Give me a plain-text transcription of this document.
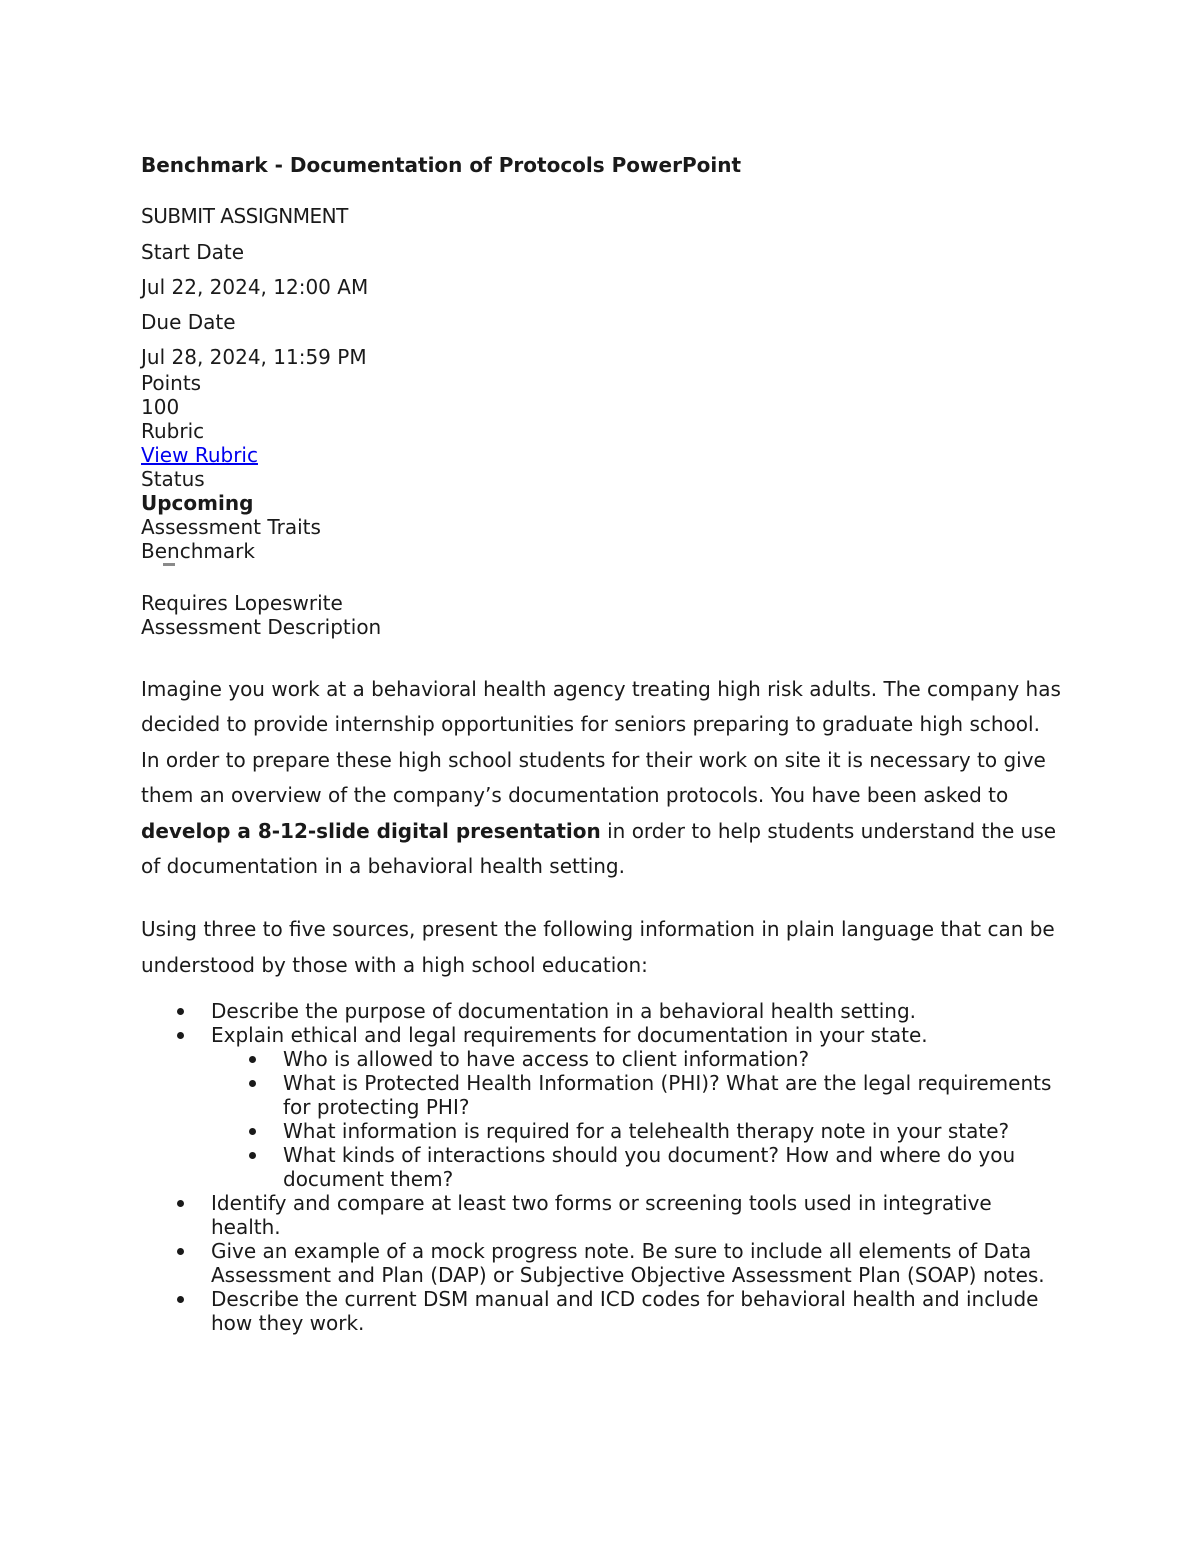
Benchmark - Documentation of Protocols PowerPoint
SUBMIT ASSIGNMENT
Start Date
Jul 22, 2024, 12:00 AM
Due Date
Jul 28, 2024, 11:59 PM
Points
100
Rubric
View Rubric
Status
Upcoming
Assessment Traits
Benchmark
Requires Lopeswrite
Assessment Description

Imagine you work at a behavioral health agency treating high risk adults. The company has decided to provide internship opportunities for seniors preparing to graduate high school. In order to prepare these high school students for their work on site it is necessary to give them an overview of the company’s documentation protocols. You have been asked to develop a 8-12-slide digital presentation in order to help students understand the use of documentation in a behavioral health setting.

Using three to five sources, present the following information in plain language that can be understood by those with a high school education:

Describe the purpose of documentation in a behavioral health setting.
Explain ethical and legal requirements for documentation in your state.
Who is allowed to have access to client information?
What is Protected Health Information (PHI)? What are the legal requirements for protecting PHI?
What information is required for a telehealth therapy note in your state?
What kinds of interactions should you document? How and where do you document them?
Identify and compare at least two forms or screening tools used in integrative health.
Give an example of a mock progress note. Be sure to include all elements of Data Assessment and Plan (DAP) or Subjective Objective Assessment Plan (SOAP) notes.
Describe the current DSM manual and ICD codes for behavioral health and include how they work.
